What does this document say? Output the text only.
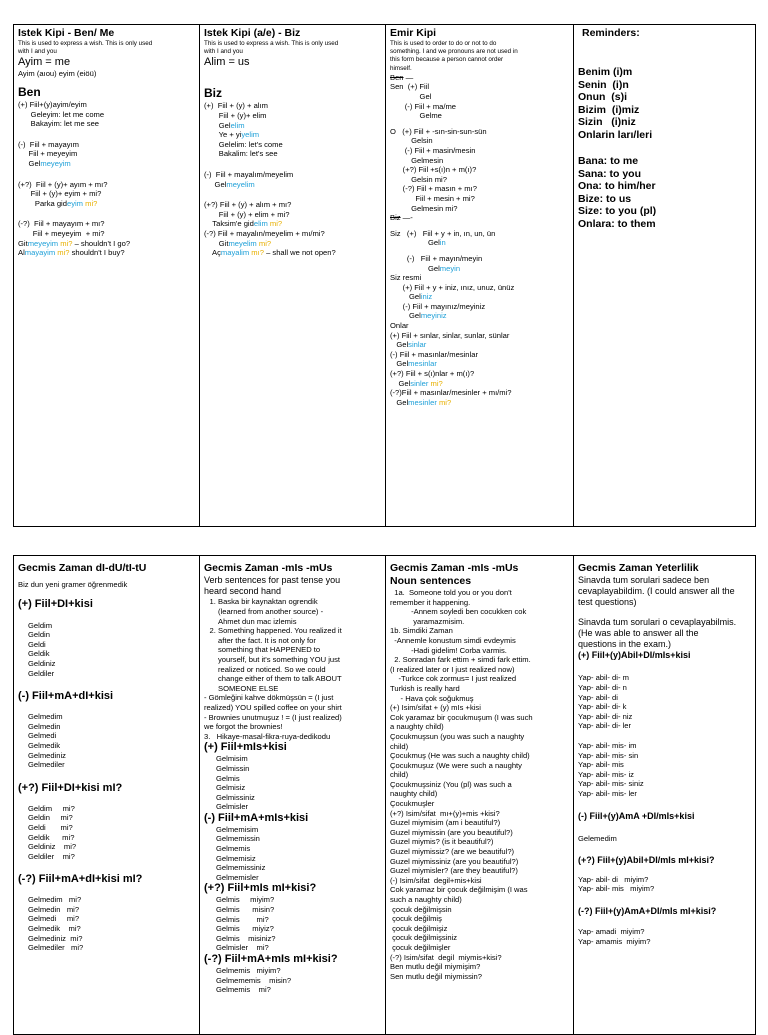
Istek Kipi - Ben/ Me
This is used to express a wish. This is only used
with I and you
Ayim = me
Ayim (aıou) eyim (eiöü)
Ben
(+) Fiil+(y)ayim/eyim
Geleyim: let me come
Bakayim: let me see
(-)  Fiil + mayayım
Fiil + meyeyim
Gelmeyeyim
(+?)  Fiil + (y)+ ayım + mı?
Fiil + (y)+ eyim + mi?
Parka gideyim mi?
(-?)  Fiil + mayayım + mı?
Fiil + meyeyim  + mi?
Gitmeyeyim mi? – shouldn't I go?
Almayayim mi? shouldn't I buy?

Istek Kipi (a/e) - Biz
This is used to express a wish. This is only used
with I and you
Alim = us
Biz
(+)  Fiil + (y) + alım
Fiil + (y)+ elim
Gelelim
Ye + yiyelim
Gelelim: let's come
Bakalim: let's see
(-)  Fiil + mayalım/meyelim
Gelmeyelim
(+?) Fiil + (y) + alım + mı?
Fiil + (y) + elim + mi?
Taksim'e gidelim mi?
(-?) Fiil + mayalın/meyelim + mı/mi?
Gitmeyelim mi?
Açmayalim mı? – shall we not open?

Emir Kipi
This is used to order to do or not to do
something. I and we pronouns are not used in
this form because a person cannot order
himself.
Ben —
Sen  (+) Fiil
Gel
(-) Fiil + ma/me
Gelme
O   (+) Fiil + -sın-sin-sun-sün
Gelsin
(-) Fiil + masin/mesin
Gelmesin
(+?) Fiil +s(ı)n + m(ı)?
Gelsin mi?
(-?) Fiil + masın + mı?
Fiil + mesin + mi?
Gelmesin mi?
Biz —-
Siz   (+)   Fiil + y + in, ın, un, ün
Gelin
(-)   Fiil + mayın/meyin
Gelmeyin
Siz resmi
(+) Fiil + y + iniz, ınız, unuz, ünüz
Geliniz
(-) Fiil + mayınız/meyiniz
Gelmeyiniz
Onlar
(+) Fiil + sınlar, sinlar, sunlar, sünlar
Gelsinlar
(-) Fiil + masınlar/mesinlar
Gelmesinlar
(+?) Fiil + s(ı)nlar + m(ı)?
Gelsinler mi?
(-?)Fiil + masınlar/mesinler + mı/mi?
Gelmesinler mi?

Reminders:
Benim (i)m
Senin  (i)n
Onun  (s)i
Bizim  (i)miz
Sizin   (i)niz
Onlarin ları/leri
Bana: to me
Sana: to you
Ona: to him/her
Bize: to us
Size: to you (pl)
Onlara: to them
Gecmis Zaman dI-dU/tI-tU
Biz dun yeni gramer öğrenmedik
(+) Fiil+DI+kisi
Geldim
Geldin
Geldi
Geldik
Geldiniz
Geldiler
(-) Fiil+mA+dI+kisi
Gelmedim
Gelmedin
Gelmedi
Gelmedik
Gelmediniz
Gelmediler
(+?) Fiil+DI+kisi mI?
Geldim     mi?
Geldin     mi?
Geldi       mi?
Geldik      mi?
Geldiniz    mi?
Geldiler    mi?
(-?) Fiil+mA+dI+kisi mI?
Gelmedim   mi?
Gelmedin   mi?
Gelmedi     mi?
Gelmedik    mi?
Gelmediniz  mi?
Gelmediler   mi?

Gecmis Zaman -mIs -mUs
Verb sentences for past tense you
heard second hand
1. Baska bir kaynaktan ogrendik
(learned from another source) -
Ahmet dun mac izlemis
2. Something happened. You realized it
after the fact. It is not only for
something that HAPPENED to
yourself, but it's something YOU just
realized or noticed. So we could
change either of them to talk ABOUT
SOMEONE ELSE
- Gömleğini kahve dökmüşsün = (I just
realized) YOU spilled coffee on your shirt
- Brownies unutmuşuz ! = (I just realized)
we forgot the brownies!
3.   Hikaye-masal-fikra-ruya-dedikodu
(+) Fiil+mIs+kisi
Gelmisim
Gelmissin
Gelmis
Gelmisiz
Gelmissiniz
Gelmisler
(-) Fiil+mA+mIs+kisi
Gelmemisim
Gelmemissin
Gelmemis
Gelmemisiz
Gelmemissiniz
Gelmemisler
(+?) Fiil+mIs mI+kisi?
Gelmis     miyim?
Gelmis      misin?
Gelmis        mi?
Gelmis      miyiz?
Gelmis    misiniz?
Gelmisler    mi?
(-?) Fiil+mA+mIs mI+kisi?
Gelmemis   miyim?
Gelmememis    misin?
Gelmemis    mi?

Gecmis Zaman -mIs -mUs
Noun sentences
1a.  Someone told you or you don't
remember it happening.
-Annem soyledi ben cocukken cok
yaramazmisim.
1b. Simdiki Zaman
-Annemle konustum simdi evdeymis
-Hadi gidelim! Corba varmis.
2. Sonradan fark ettim + simdi fark ettim.
(I realized later or I just realized now)
-Turkce cok zormus= I just realized
Turkish is really hard
- Hava çok soğukmuş
(+) Isim/sifat + (y) mIs +kisi
Cok yaramaz bir çocukmuşum (I was such
a naughty child)
Çocukmuşsun (you was such a naughty
child)
Çocukmuş (He was such a naughty child)
Çocukmuşuz (We were such a naughty
child)
Çocukmuşsiniz (You (pl) was such a
naughty child)
Çocukmuşler
(+?) Isim/sifat  mı+(y)+mis +kisi?
Guzel miymisim (am i beautiful?)
Guzel miymissin (are you beautiful?)
Guzel miymis? (is it beautiful?)
Guzel miymissiz? (are we beautiful?)
Guzel miymissiniz (are you beautiful?)
Guzel miymisler? (are they beautiful?)
(-) Isim/sifat  degil+mis+kisi
Cok yaramaz bir çocuk değilmişim (I was
such a naughty child)
çocuk değilmişsin
çocuk değilmiş
çocuk değilmişiz
çocuk değilmişsiniz
çocuk değilmişler
(-?) Isim/sifat  degil  miymis+kisi?
Ben mutlu değil miymişim?
Sen mutlu değil miymissin?

Gecmis Zaman Yeterlilik
Sinavda tum sorulari sadece ben
cevaplayabildim. (I could answer all the
test questions)
Sinavda tum sorulari o cevaplayabilmis.
(He was able to answer all the
questions in the exam.)
(+) Fiil+(y)Abil+DI/mIs+kisi
Yap- abil- di- m
Yap- abil- di- n
Yap- abil- di
Yap- abil- di- k
Yap- abil- di- niz
Yap- abil- di- ler
Yap- abil- mis- im
Yap- abil- mis- sin
Yap- abil- mis
Yap- abil- mis- iz
Yap- abil- mis- siniz
Yap- abil- mis- ler
(-) Fiil+(y)AmA +DI/mIs+kisi
Gelemedim
(+?) Fiil+(y)Abil+DI/mIs mI+kisi?
Yap- abil- di   miyim?
Yap- abil- mis   miyim?
(-?) Fiil+(y)AmA+DI/mIs mI+kisi?
Yap- amadi  miyim?
Yap- amamis  miyim?
